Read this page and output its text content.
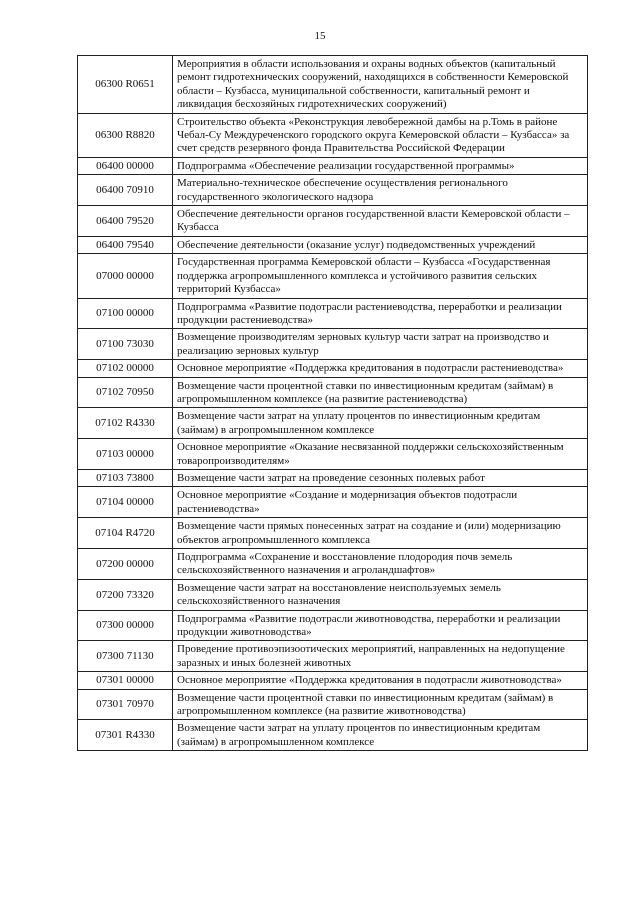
15
06300 R0651	Мероприятия в области использования и охраны водных объектов (капитальный ремонт гидротехнических сооружений, находящихся в собственности Кемеровской области – Кузбасса, муниципальной собственности, капитальный ремонт и ликвидация бесхозяйных гидротехнических сооружений)
06300 R8820	Строительство объекта «Реконструкция левобережной дамбы на р.Томь в районе Чебал-Су Междуреченского городского округа Кемеровской области – Кузбасса» за счет средств резервного фонда Правительства Российской Федерации
06400 00000	Подпрограмма «Обеспечение реализации государственной программы»
06400 70910	Материально-техническое обеспечение осуществления регионального государственного экологического надзора
06400 79520	Обеспечение деятельности органов государственной власти Кемеровской области – Кузбасса
06400 79540	Обеспечение деятельности (оказание услуг) подведомственных учреждений
07000 00000	Государственная программа Кемеровской области – Кузбасса «Государственная поддержка агропромышленного комплекса и устойчивого развития сельских территорий Кузбасса»
07100 00000	Подпрограмма «Развитие подотрасли растениеводства, переработки и реализации продукции растениеводства»
07100 73030	Возмещение производителям зерновых культур части затрат на производство и реализацию зерновых культур
07102 00000	Основное мероприятие «Поддержка кредитования в подотрасли растениеводства»
07102 70950	Возмещение части процентной ставки по инвестиционным кредитам (займам) в агропромышленном комплексе (на развитие растениеводства)
07102 R4330	Возмещение части затрат на уплату процентов по инвестиционным кредитам (займам) в агропромышленном комплексе
07103 00000	Основное мероприятие «Оказание несвязанной поддержки сельскохозяйственным товаропроизводителям»
07103 73800	Возмещение части затрат на проведение сезонных полевых работ
07104 00000	Основное мероприятие «Создание и модернизация объектов подотрасли растениеводства»
07104 R4720	Возмещение части прямых понесенных затрат на создание и (или) модернизацию объектов агропромышленного комплекса
07200 00000	Подпрограмма «Сохранение и восстановление плодородия почв земель сельскохозяйственного назначения и агроландшафтов»
07200 73320	Возмещение части затрат на восстановление неиспользуемых земель сельскохозяйственного назначения
07300 00000	Подпрограмма «Развитие подотрасли животноводства, переработки и реализации продукции животноводства»
07300 71130	Проведение противоэпизоотических мероприятий, направленных на недопущение заразных и иных болезней животных
07301 00000	Основное мероприятие «Поддержка кредитования в подотрасли животноводства»
07301 70970	Возмещение части процентной ставки по инвестиционным кредитам (займам) в агропромышленном комплексе (на развитие животноводства)
07301 R4330	Возмещение части затрат на уплату процентов по инвестиционным кредитам (займам) в агропромышленном комплексе
